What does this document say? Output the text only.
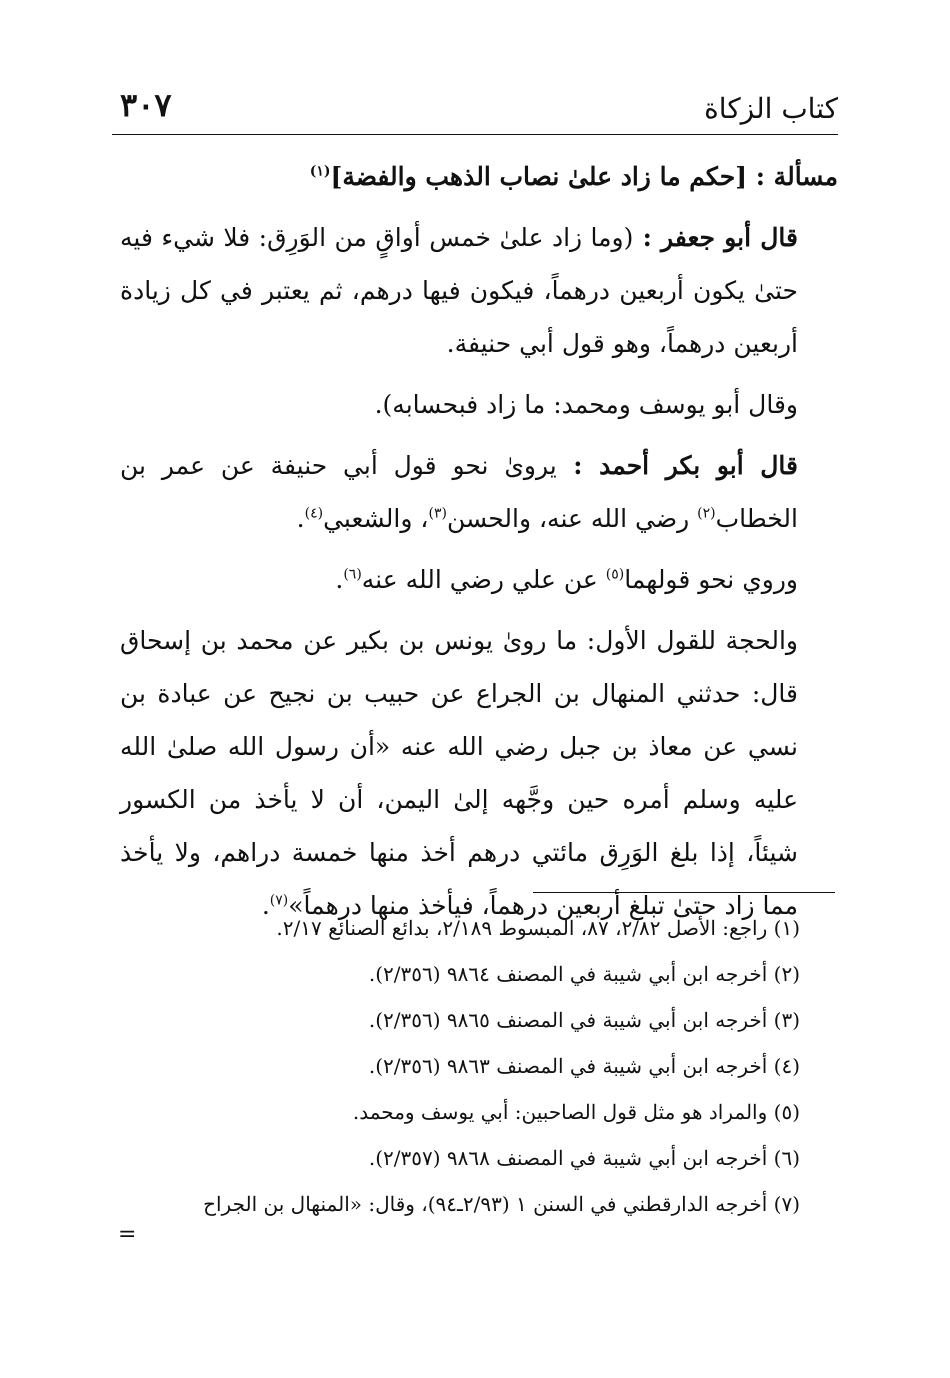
٣٠٧	كتاب الزكاة

مسألة : [حكم ما زاد علىٰ نصاب الذهب والفضة]$^{(١)}$

قال أبو جعفر : (وما زاد علىٰ خمس أواقٍ من الوَرِق: فلا شيء فيه حتىٰ يكون أربعين درهماً، فيكون فيها درهم، ثم يعتبر في كل زيادة أربعين درهماً، وهو قول أبي حنيفة.

وقال أبو يوسف ومحمد: ما زاد فبحسابه).

قال أبو بكر أحمد : يروىٰ نحو قول أبي حنيفة عن عمر بن الخطاب$^{(٢)}$ رضي الله عنه، والحسن$^{(٣)}$، والشعبي$^{(٤)}$.

وروي نحو قولهما$^{(٥)}$ عن علي رضي الله عنه$^{(٦)}$.

والحجة للقول الأول: ما روىٰ يونس بن بكير عن محمد بن إسحاق قال: حدثني المنهال بن الجراع عن حبيب بن نجيح عن عبادة بن نسي عن معاذ بن جبل رضي الله عنه «أن رسول الله صلىٰ الله عليه وسلم أمره حين وجَّهه إلىٰ اليمن، أن لا يأخذ من الكسور شيئاً، إذا بلغ الوَرِق مائتي درهم أخذ منها خمسة دراهم، ولا يأخذ مما زاد حتىٰ تبلغ أربعين درهماً، فيأخذ منها درهماً»$^{(٧)}$.

(١) راجع: الأصل ٢/٨٢، ٨٧، المبسوط ٢/١٨٩، بدائع الصنائع ٢/١٧.

(٢) أخرجه ابن أبي شيبة في المصنف ٩٨٦٤ (٢/٣٥٦).

(٣) أخرجه ابن أبي شيبة في المصنف ٩٨٦٥ (٢/٣٥٦).

(٤) أخرجه ابن أبي شيبة في المصنف ٩٨٦٣ (٢/٣٥٦).

(٥) والمراد هو مثل قول الصاحبين: أبي يوسف ومحمد.

(٦) أخرجه ابن أبي شيبة في المصنف ٩٨٦٨ (٢/٣٥٧).

(٧) أخرجه الدارقطني في السنن ١ (٢/٩٣ـ٩٤)، وقال: «المنهال بن الجراح

=
